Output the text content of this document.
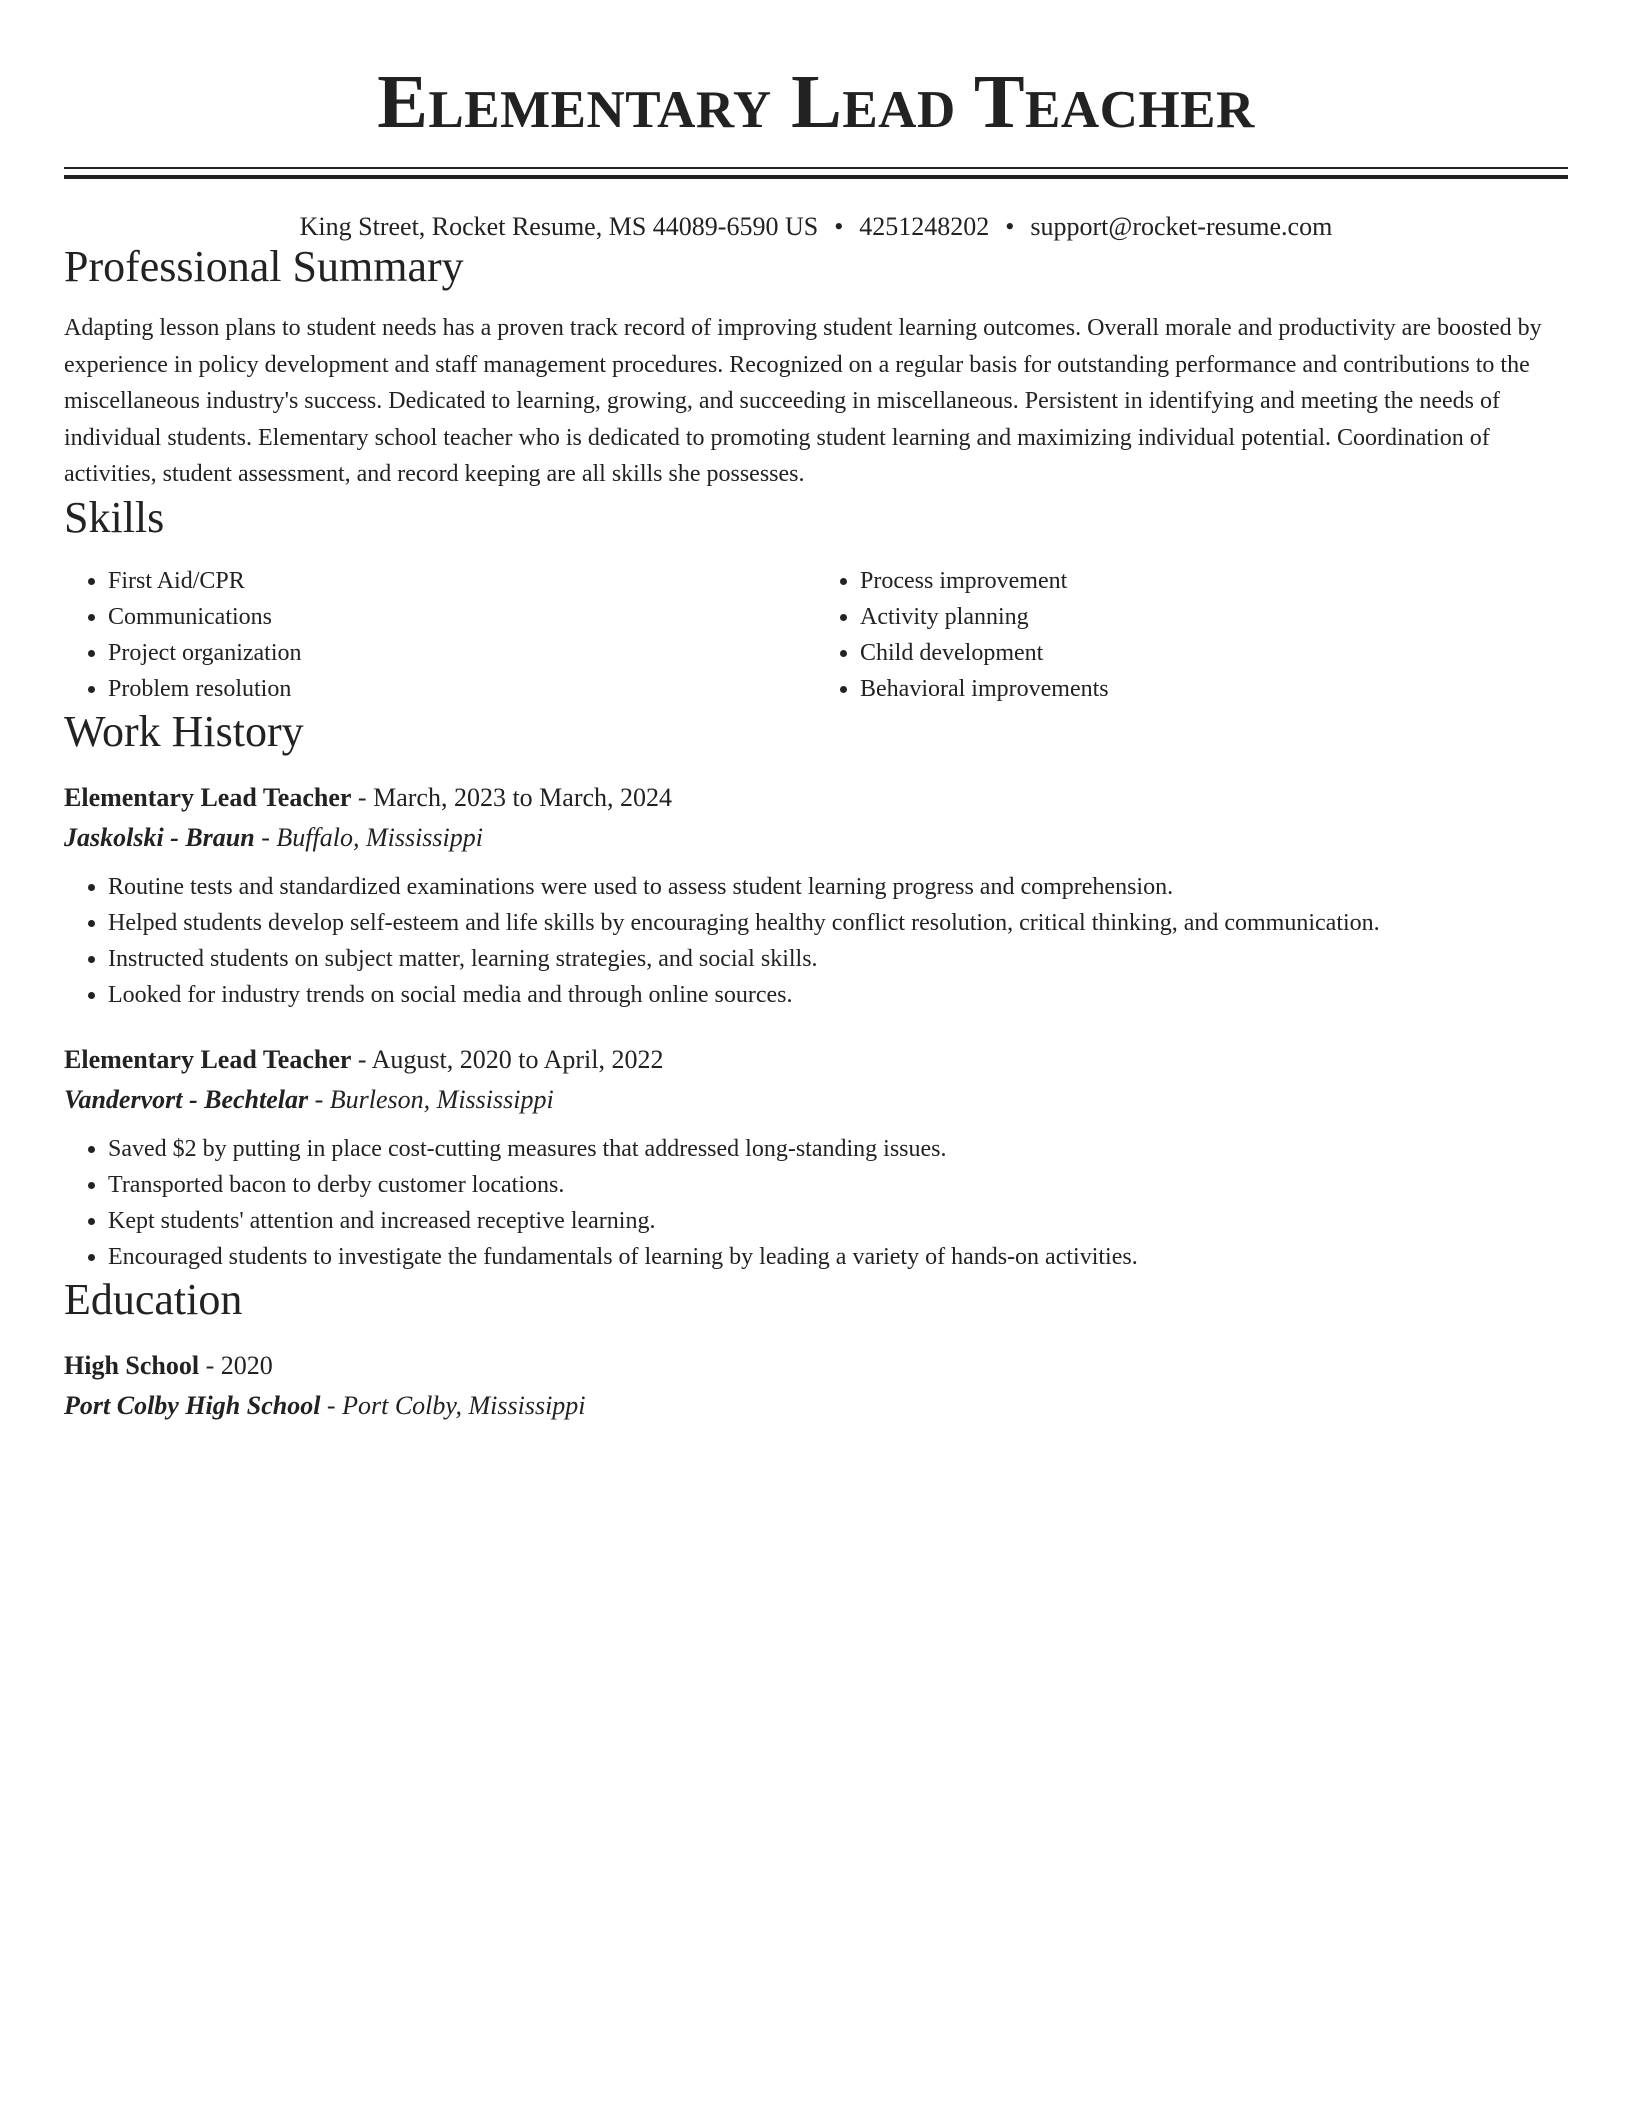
Elementary Lead Teacher
King Street, Rocket Resume, MS 44089-6590 US • 4251248202 • support@rocket-resume.com
Professional Summary

Adapting lesson plans to student needs has a proven track record of improving student learning outcomes. Overall morale and productivity are boosted by experience in policy development and staff management procedures. Recognized on a regular basis for outstanding performance and contributions to the miscellaneous industry's success. Dedicated to learning, growing, and succeeding in miscellaneous. Persistent in identifying and meeting the needs of individual students. Elementary school teacher who is dedicated to promoting student learning and maximizing individual potential. Coordination of activities, student assessment, and record keeping are all skills she possesses.

Skills
• First Aid/CPR
• Communications
• Project organization
• Problem resolution
• Process improvement
• Activity planning
• Child development
• Behavioral improvements
Work History
Elementary Lead Teacher - March, 2023 to March, 2024
Jaskolski - Braun - Buffalo, Mississippi
• Routine tests and standardized examinations were used to assess student learning progress and comprehension.
• Helped students develop self-esteem and life skills by encouraging healthy conflict resolution, critical thinking, and communication.
• Instructed students on subject matter, learning strategies, and social skills.
• Looked for industry trends on social media and through online sources.
Elementary Lead Teacher - August, 2020 to April, 2022
Vandervort - Bechtelar - Burleson, Mississippi
• Saved $2 by putting in place cost-cutting measures that addressed long-standing issues.
• Transported bacon to derby customer locations.
• Kept students' attention and increased receptive learning.
• Encouraged students to investigate the fundamentals of learning by leading a variety of hands-on activities.
Education
High School - 2020
Port Colby High School - Port Colby, Mississippi
